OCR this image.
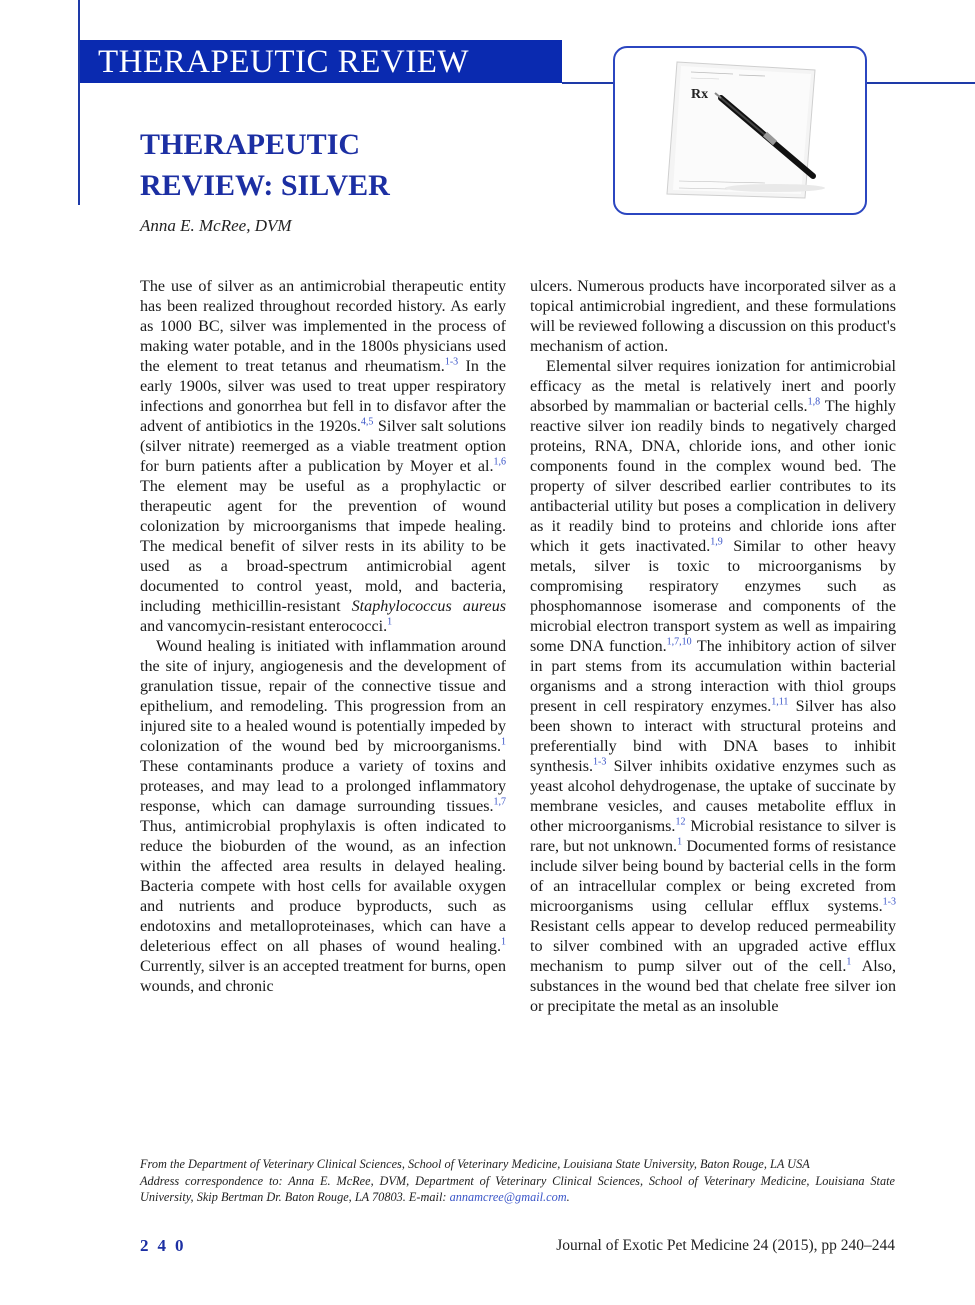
THERAPEUTIC REVIEW
Rx
THERAPEUTIC
REVIEW: SILVER
Anna E. McRee, DVM

The use of silver as an antimicrobial therapeutic entity has been realized throughout recorded history. As early as 1000 BC, silver was implemented in the process of making water potable, and in the 1800s physicians used the element to treat tetanus and rheumatism.$^{1-3}$ In the early 1900s, silver was used to treat upper respiratory infections and gonorrhea but fell in to disfavor after the advent of antibiotics in the 1920s.$^{4,5}$ Silver salt solutions (silver nitrate) reemerged as a viable treatment option for burn patients after a publication by Moyer et al.$^{1,6}$ The element may be useful as a prophylactic or therapeutic agent for the prevention of wound colonization by microorganisms that impede healing. The medical benefit of silver rests in its ability to be used as a broad-spectrum antimicrobial agent documented to control yeast, mold, and bacteria, including methicillin-resistant Staphylococcus aureus and vancomycin-resistant enterococci.$^1$

Wound healing is initiated with inflammation around the site of injury, angiogenesis and the development of granulation tissue, repair of the connective tissue and epithelium, and remodeling. This progression from an injured site to a healed wound is potentially impeded by colonization of the wound bed by microorganisms.$^1$ These contaminants produce a variety of toxins and proteases, and may lead to a prolonged inflammatory response, which can damage surrounding tissues.$^{1,7}$ Thus, antimicrobial prophylaxis is often indicated to reduce the bioburden of the wound, as an infection within the affected area results in delayed healing. Bacteria compete with host cells for available oxygen and nutrients and produce byproducts, such as endotoxins and metalloproteinases, which can have a deleterious effect on all phases of wound healing.$^1$ Currently, silver is an accepted treatment for burns, open wounds, and chronic

ulcers. Numerous products have incorporated silver as a topical antimicrobial ingredient, and these formulations will be reviewed following a discussion on this product's mechanism of action.

Elemental silver requires ionization for antimicrobial efficacy as the metal is relatively inert and poorly absorbed by mammalian or bacterial cells.$^{1,8}$ The highly reactive silver ion readily binds to negatively charged proteins, RNA, DNA, chloride ions, and other ionic components found in the complex wound bed. The property of silver described earlier contributes to its antibacterial utility but poses a complication in delivery as it readily bind to proteins and chloride ions after which it gets inactivated.$^{1,9}$ Similar to other heavy metals, silver is toxic to microorganisms by compromising respiratory enzymes such as phosphomannose isomerase and components of the microbial electron transport system as well as impairing some DNA function.$^{1,7,10}$ The inhibitory action of silver in part stems from its accumulation within bacterial organisms and a strong interaction with thiol groups present in cell respiratory enzymes.$^{1,11}$ Silver has also been shown to interact with structural proteins and preferentially bind with DNA bases to inhibit synthesis.$^{1-3}$ Silver inhibits oxidative enzymes such as yeast alcohol dehydrogenase, the uptake of succinate by membrane vesicles, and causes metabolite efflux in other microorganisms.$^{12}$ Microbial resistance to silver is rare, but not unknown.$^1$ Documented forms of resistance include silver being bound by bacterial cells in the form of an intracellular complex or being excreted from microorganisms using cellular efflux systems.$^{1-3}$ Resistant cells appear to develop reduced permeability to silver combined with an upgraded active efflux mechanism to pump silver out of the cell.$^1$ Also, substances in the wound bed that chelate free silver ion or precipitate the metal as an insoluble

From the Department of Veterinary Clinical Sciences, School of Veterinary Medicine, Louisiana State University, Baton Rouge, LA USA

Address correspondence to: Anna E. McRee, DVM, Department of Veterinary Clinical Sciences, School of Veterinary Medicine, Louisiana State University, Skip Bertman Dr. Baton Rouge, LA 70803. E-mail: annamcree@gmail.com.

240	Journal of Exotic Pet Medicine 24 (2015), pp 240–244
